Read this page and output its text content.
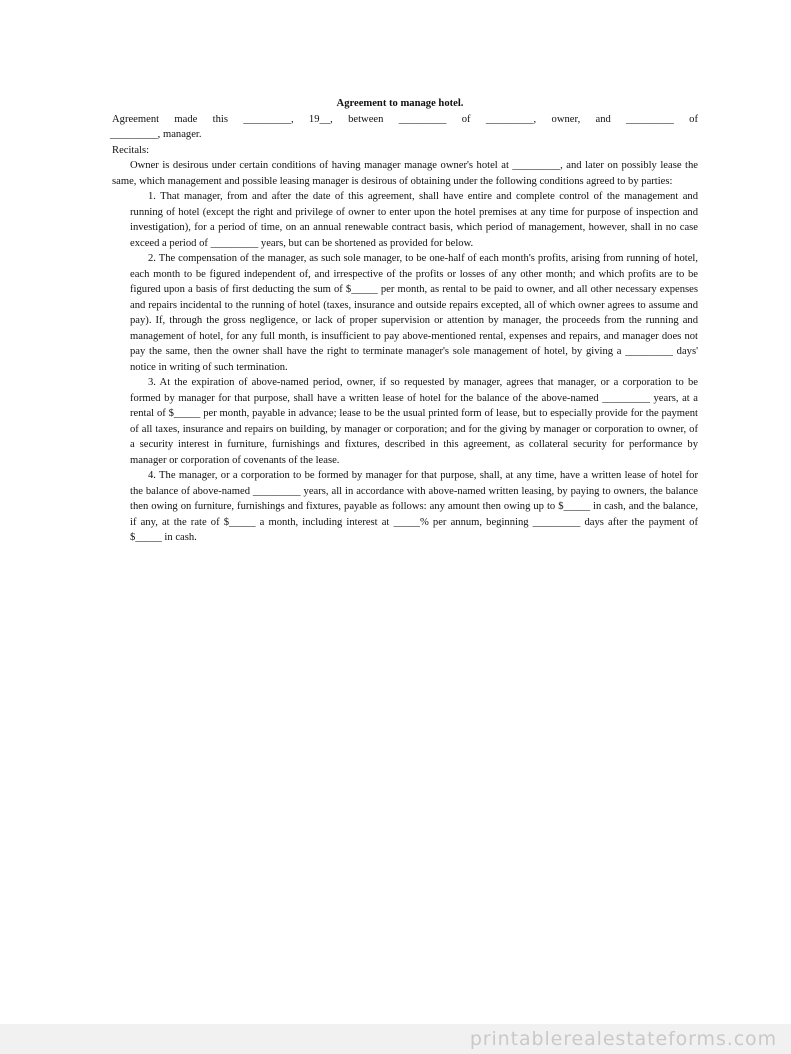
Agreement to manage hotel.
Agreement made this _________, 19__, between _________ of _________, owner, and _________ of
_________, manager.
Recitals:
Owner is desirous under certain conditions of having manager manage owner's hotel at _________, and later on possibly lease the same, which management and possible leasing manager is desirous of obtaining under the following conditions agreed to by parties:
1. That manager, from and after the date of this agreement, shall have entire and complete control of the management and running of hotel (except the right and privilege of owner to enter upon the hotel premises at any time for purpose of inspection and investigation), for a period of time, on an annual renewable contract basis, which period of management, however, shall in no case exceed a period of _________ years, but can be shortened as provided for below.
2. The compensation of the manager, as such sole manager, to be one-half of each month's profits, arising from running of hotel, each month to be figured independent of, and irrespective of the profits or losses of any other month; and which profits are to be figured upon a basis of first deducting the sum of $_____ per month, as rental to be paid to owner, and all other necessary expenses and repairs incidental to the running of hotel (taxes, insurance and outside repairs excepted, all of which owner agrees to assume and pay). If, through the gross negligence, or lack of proper supervision or attention by manager, the proceeds from the running and management of hotel, for any full month, is insufficient to pay above-mentioned rental, expenses and repairs, and manager does not pay the same, then the owner shall have the right to terminate manager's sole management of hotel, by giving a _________ days' notice in writing of such termination.
3. At the expiration of above-named period, owner, if so requested by manager, agrees that manager, or a corporation to be formed by manager for that purpose, shall have a written lease of hotel for the balance of the above-named _________ years, at a rental of $_____ per month, payable in advance; lease to be the usual printed form of lease, but to especially provide for the payment of all taxes, insurance and repairs on building, by manager or corporation; and for the giving by manager or corporation to owner, of a security interest in furniture, furnishings and fixtures, described in this agreement, as collateral security for performance by manager or corporation of covenants of the lease.
4. The manager, or a corporation to be formed by manager for that purpose, shall, at any time, have a written lease of hotel for the balance of above-named _________ years, all in accordance with above-named written leasing, by paying to owners, the balance then owing on furniture, furnishings and fixtures, payable as follows: any amount then owing up to $_____ in cash, and the balance, if any, at the rate of $_____ a month, including interest at _____% per annum, beginning _________ days after the payment of $_____ in cash.
printablerealestateforms.com
